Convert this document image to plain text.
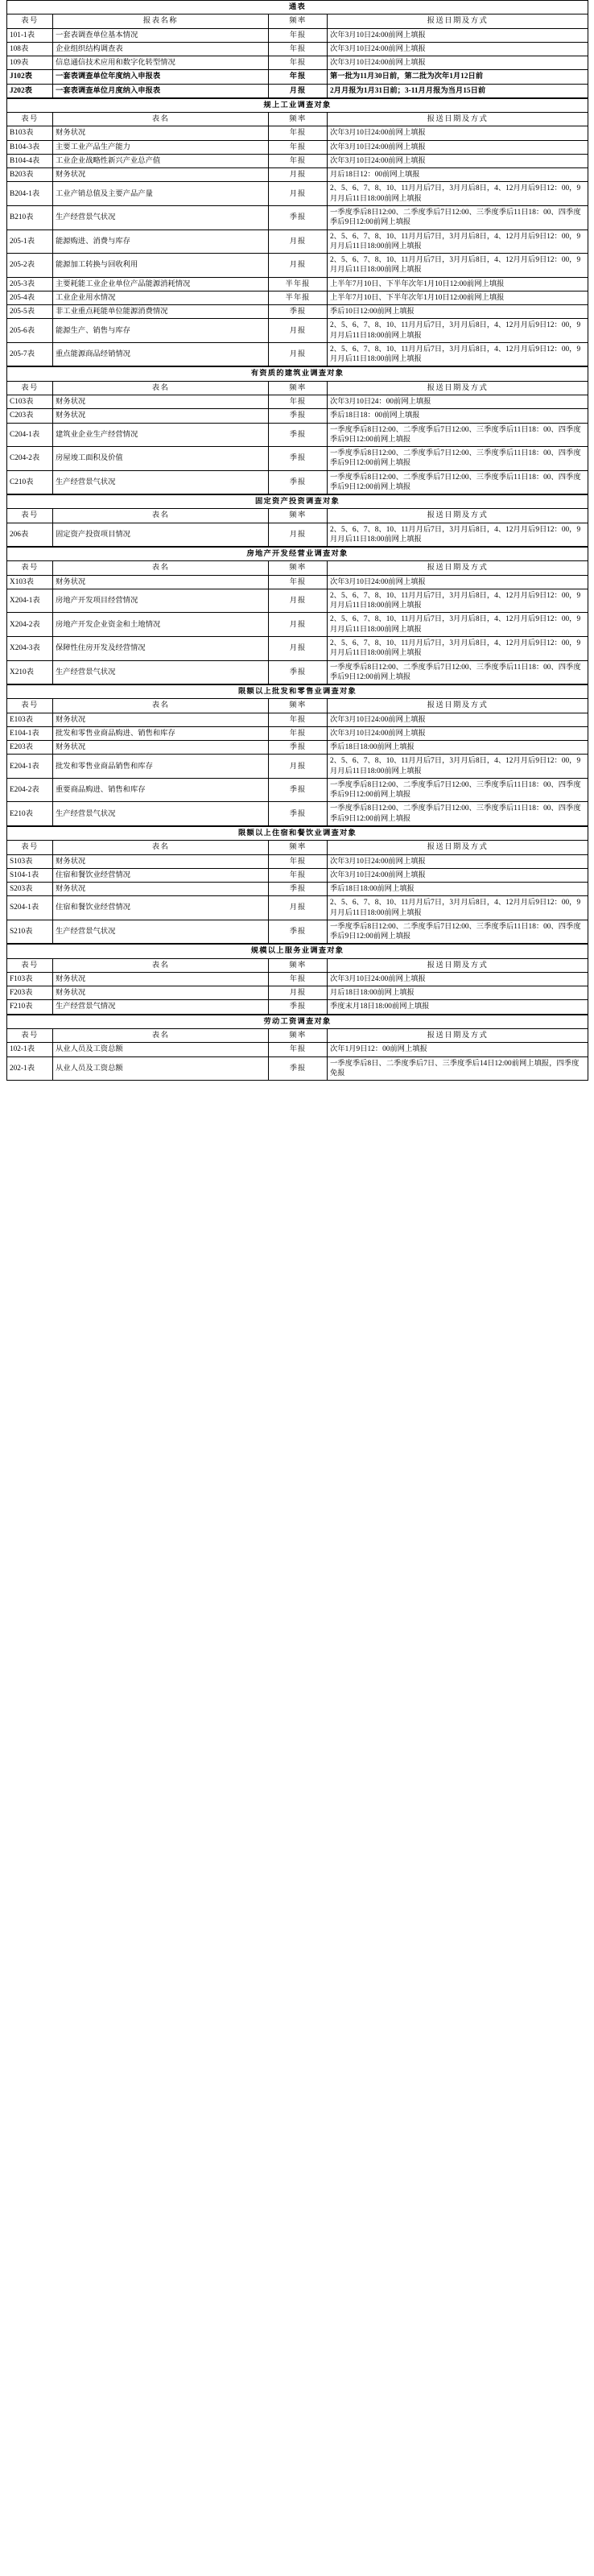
通表			
表号	报表名称	频率	报送日期及方式
101-1表	一套表调查单位基本情况	年报	次年3月10日24:00前网上填报
108表	企业组织结构调查表	年报	次年3月10日24:00前网上填报
109表	信息通信技术应用和数字化转型情况	年报	次年3月10日24:00前网上填报
J102表	一套表调查单位年度纳入申报表	年报	第一批为11月30日前，第二批为次年1月12日前
J202表	一套表调查单位月度纳入申报表	月报	2月月报为1月31日前；3-11月月报为当月15日前
规上工业调查对象			
表号	表名	频率	报送日期及方式
B103表	财务状况	年报	次年3月10日24:00前网上填报
B104-3表	主要工业产品生产能力	年报	次年3月10日24:00前网上填报
B104-4表	工业企业战略性新兴产业总产值	年报	次年3月10日24:00前网上填报
B203表	财务状况	月报	月后18日12：00前网上填报
B204-1表	工业产销总值及主要产品产量	月报	2、5、6、7、8、10、11月月后7日，3月月后8日，4、12月月后9日12：00，9月月后11日18:00前网上填报
B210表	生产经营景气状况	季报	一季度季后8日12:00、二季度季后7日12:00、三季度季后11日18：00、四季度季后9日12:00前网上填报
205-1表	能源购进、消费与库存	月报	2、5、6、7、8、10、11月月后7日，3月月后8日，4、12月月后9日12：00，9月月后11日18:00前网上填报
205-2表	能源加工转换与回收利用	月报	2、5、6、7、8、10、11月月后7日，3月月后8日，4、12月月后9日12：00，9月月后11日18:00前网上填报
205-3表	主要耗能工业企业单位产品能源消耗情况	半年报	上半年7月10日、下半年次年1月10日12:00前网上填报
205-4表	工业企业用水情况	半年报	上半年7月10日、下半年次年1月10日12:00前网上填报
205-5表	非工业重点耗能单位能源消费情况	季报	季后10日12:00前网上填报
205-6表	能源生产、销售与库存	月报	2、5、6、7、8、10、11月月后7日，3月月后8日，4、12月月后9日12：00，9月月后11日18:00前网上填报
205-7表	重点能源商品经销情况	月报	2、5、6、7、8、10、11月月后7日，3月月后8日，4、12月月后9日12：00，9月月后11日18:00前网上填报
有资质的建筑业调查对象			
表号	表名	频率	报送日期及方式
C103表	财务状况	年报	次年3月10日24：00前网上填报
C203表	财务状况	季报	季后18日18：00前网上填报
C204-1表	建筑业企业生产经营情况	季报	一季度季后8日12:00、二季度季后7日12:00、三季度季后11日18：00、四季度季后9日12:00前网上填报
C204-2表	房屋竣工面积及价值	季报	一季度季后8日12:00、二季度季后7日12:00、三季度季后11日18：00、四季度季后9日12:00前网上填报
C210表	生产经营景气状况	季报	一季度季后8日12:00、二季度季后7日12:00、三季度季后11日18：00、四季度季后9日12:00前网上填报
固定资产投资调查对象			
表号	表名	频率	报送日期及方式
206表	固定资产投资项目情况	月报	2、5、6、7、8、10、11月月后7日，3月月后8日，4、12月月后9日12：00，9月月后11日18:00前网上填报
房地产开发经营业调查对象			
表号	表名	频率	报送日期及方式
X103表	财务状况	年报	次年3月10日24:00前网上填报
X204-1表	房地产开发项目经营情况	月报	2、5、6、7、8、10、11月月后7日，3月月后8日，4、12月月后9日12：00，9月月后11日18:00前网上填报
X204-2表	房地产开发企业资金和土地情况	月报	2、5、6、7、8、10、11月月后7日，3月月后8日，4、12月月后9日12：00，9月月后11日18:00前网上填报
X204-3表	保障性住房开发及经营情况	月报	2、5、6、7、8、10、11月月后7日，3月月后8日，4、12月月后9日12：00，9月月后11日18:00前网上填报
X210表	生产经营景气状况	季报	一季度季后8日12:00、二季度季后7日12:00、三季度季后11日18：00、四季度季后9日12:00前网上填报
限额以上批发和零售业调查对象			
表号	表名	频率	报送日期及方式
E103表	财务状况	年报	次年3月10日24:00前网上填报
E104-1表	批发和零售业商品购进、销售和库存	年报	次年3月10日24:00前网上填报
E203表	财务状况	季报	季后18日18:00前网上填报
E204-1表	批发和零售业商品销售和库存	月报	2、5、6、7、8、10、11月月后7日，3月月后8日，4、12月月后9日12：00，9月月后11日18:00前网上填报
E204-2表	重要商品购进、销售和库存	季报	一季度季后8日12:00、二季度季后7日12:00、三季度季后11日18：00、四季度季后9日12:00前网上填报
E210表	生产经营景气状况	季报	一季度季后8日12:00、二季度季后7日12:00、三季度季后11日18：00、四季度季后9日12:00前网上填报
限额以上住宿和餐饮业调查对象			
表号	表名	频率	报送日期及方式
S103表	财务状况	年报	次年3月10日24:00前网上填报
S104-1表	住宿和餐饮业经营情况	年报	次年3月10日24:00前网上填报
S203表	财务状况	季报	季后18日18:00前网上填报
S204-1表	住宿和餐饮业经营情况	月报	2、5、6、7、8、10、11月月后7日，3月月后8日，4、12月月后9日12：00，9月月后11日18:00前网上填报
S210表	生产经营景气状况	季报	一季度季后8日12:00、二季度季后7日12:00、三季度季后11日18：00、四季度季后9日12:00前网上填报
规模以上服务业调查对象			
表号	表名	频率	报送日期及方式
F103表	财务状况	年报	次年3月10日24:00前网上填报
F203表	财务状况	月报	月后18日18:00前网上填报
F210表	生产经营景气情况	季报	季度末月18日18:00前网上填报
劳动工资调查对象			
表号	表名	频率	报送日期及方式
102-1表	从业人员及工资总额	年报	次年1月9日12：00前网上填报
202-1表	从业人员及工资总额	季报	一季度季后8日、二季度季后7日、三季度季后14日12:00前网上填报，四季度免报
